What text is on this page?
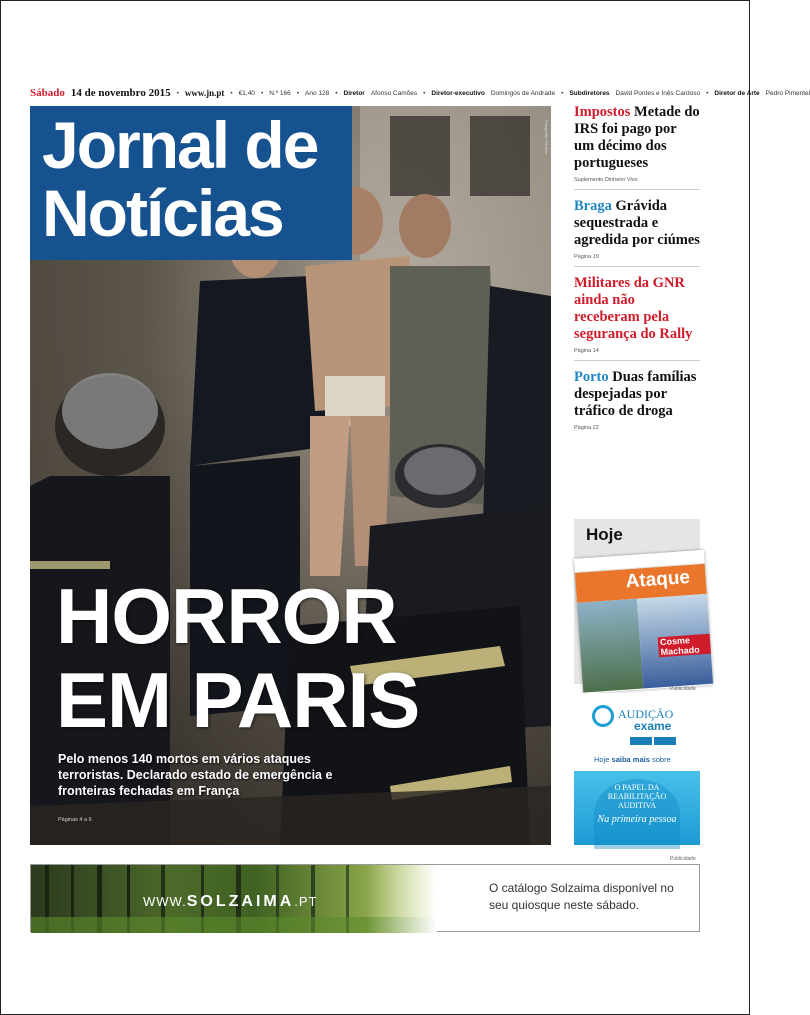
Sábado 14 de novembro 2015 • www.jn.pt • €1,40 • N.º 166 • Ano 128 • Diretor Afonso Camões • Diretor-executivo Domingos de Andrade • Subdiretores David Pontes e Inês Cardoso • Diretor de Arte Pedro Pimentel
Jornal de
Notícias
Fotografia: Reuters
HORROR
EM PARIS
Pelo menos 140 mortos em vários ataques terroristas. Declarado estado de emergência e fronteiras fechadas em França
Páginas 4 a 6
Impostos Metade do IRS foi pago por um décimo dos portugueses
Suplemento Dinheiro Vivo
Braga Grávida sequestrada e agredida por ciúmes
Página 19
Militares da GNR ainda não receberam pela segurança do Rally
Página 14
Porto Duas famílias despejadas por tráfico de droga
Página 22
Hoje
Ataque
Cosme Machado
Publicidade
AUDIÇÃO
exame
Hoje saiba mais sobre
O PAPEL DA
REABILITAÇÃO
AUDITIVA
Na primeira pessoa
Publicidade
WWW.SOLZAIMA.PT
O catálogo Solzaima disponível no seu quiosque neste sábado.
